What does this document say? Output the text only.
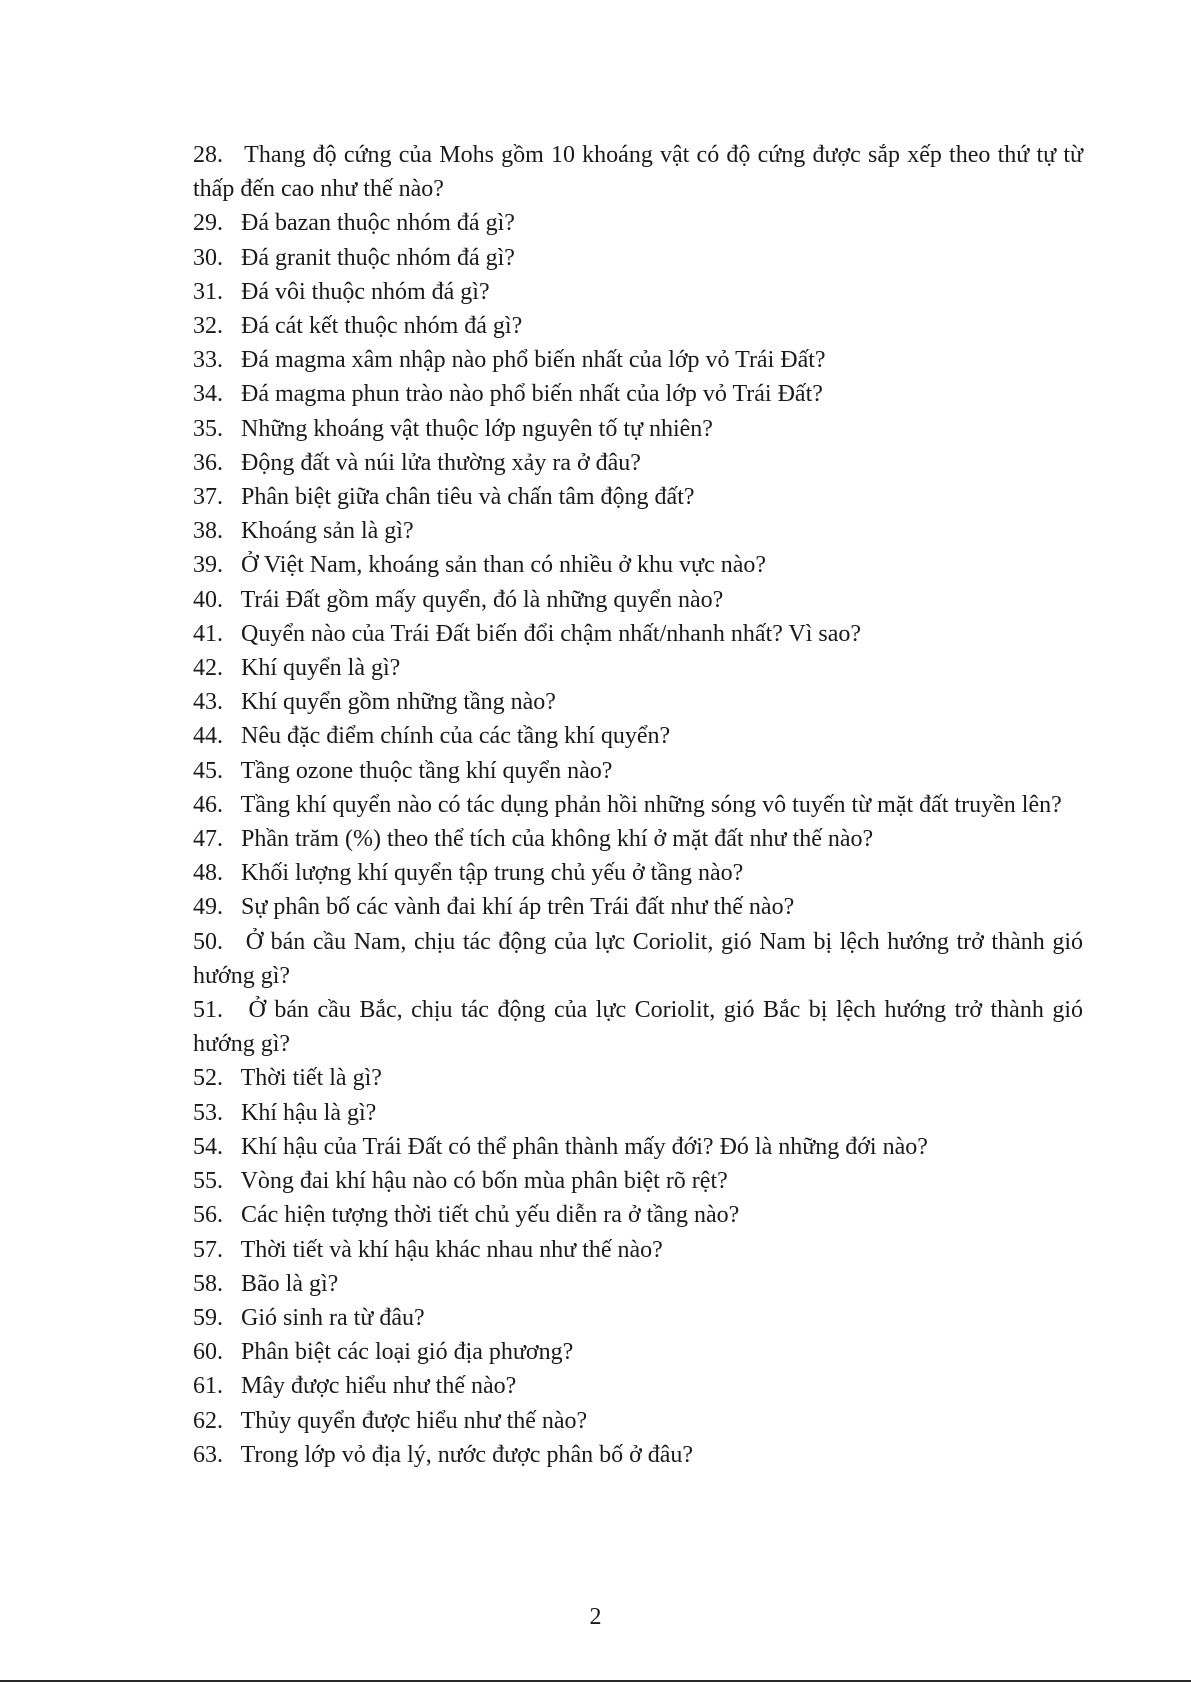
28. Thang độ cứng của Mohs gồm 10 khoáng vật có độ cứng được sắp xếp theo thứ tự từ thấp đến cao như thế nào?
29. Đá bazan thuộc nhóm đá gì?
30. Đá granit thuộc nhóm đá gì?
31. Đá vôi thuộc nhóm đá gì?
32. Đá cát kết thuộc nhóm đá gì?
33. Đá magma xâm nhập nào phổ biến nhất của lớp vỏ Trái Đất?
34. Đá magma phun trào nào phổ biến nhất của lớp vỏ Trái Đất?
35. Những khoáng vật thuộc lớp nguyên tố tự nhiên?
36. Động đất và núi lửa thường xảy ra ở đâu?
37. Phân biệt giữa chân tiêu và chấn tâm động đất?
38. Khoáng sản là gì?
39. Ở Việt Nam, khoáng sản than có nhiều ở khu vực nào?
40. Trái Đất gồm mấy quyển, đó là những quyển nào?
41. Quyển nào của Trái Đất biến đổi chậm nhất/nhanh nhất? Vì sao?
42. Khí quyển là gì?
43. Khí quyển gồm những tầng nào?
44. Nêu đặc điểm chính của các tầng khí quyển?
45. Tầng ozone thuộc tầng khí quyển nào?
46. Tầng khí quyển nào có tác dụng phản hồi những sóng vô tuyến từ mặt đất truyền lên?
47. Phần trăm (%) theo thể tích của không khí ở mặt đất như thế nào?
48. Khối lượng khí quyển tập trung chủ yếu ở tầng nào?
49. Sự phân bố các vành đai khí áp trên Trái đất như thế nào?
50. Ở bán cầu Nam, chịu tác động của lực Coriolit, gió Nam bị lệch hướng trở thành gió hướng gì?
51. Ở bán cầu Bắc, chịu tác động của lực Coriolit, gió Bắc bị lệch hướng trở thành gió hướng gì?
52. Thời tiết là gì?
53. Khí hậu là gì?
54. Khí hậu của Trái Đất có thể phân thành mấy đới? Đó là những đới nào?
55. Vòng đai khí hậu nào có bốn mùa phân biệt rõ rệt?
56. Các hiện tượng thời tiết chủ yếu diễn ra ở tầng nào?
57. Thời tiết và khí hậu khác nhau như thế nào?
58. Bão là gì?
59. Gió sinh ra từ đâu?
60. Phân biệt các loại gió địa phương?
61. Mây được hiểu như thế nào?
62. Thủy quyển được hiểu như thế nào?
63. Trong lớp vỏ địa lý, nước được phân bố ở đâu?
2
